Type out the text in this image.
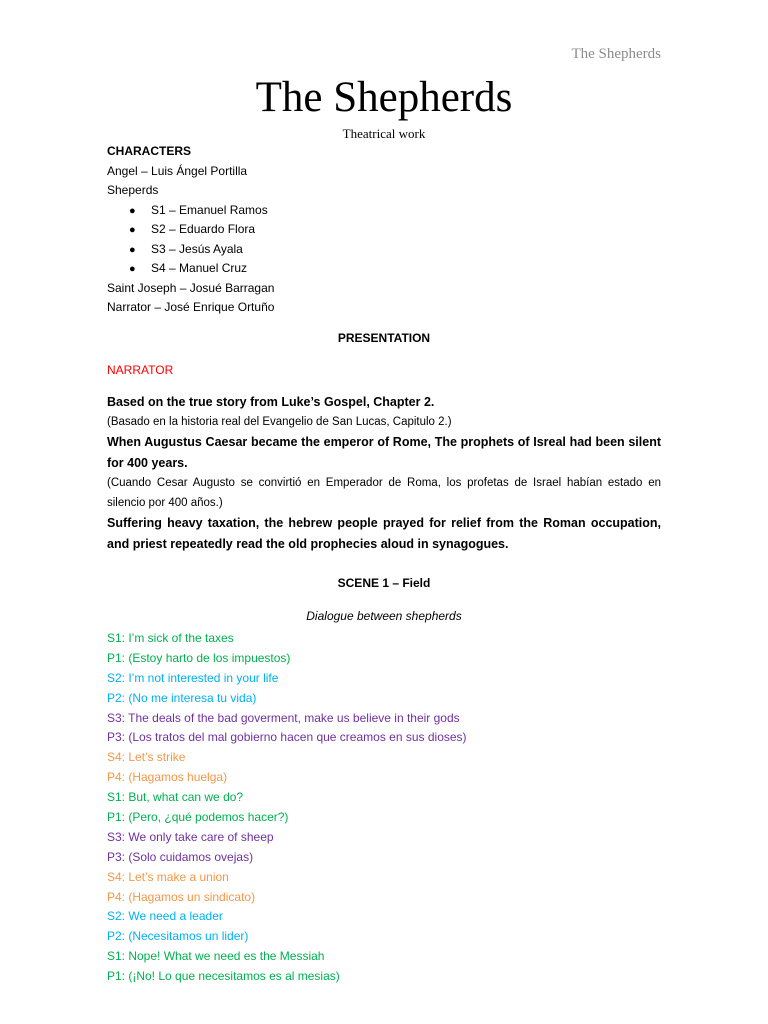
The Shepherds

The Shepherds

Theatrical work

CHARACTERS

Angel – Luis Ángel Portilla

Sheperds

● S1 – Emanuel Ramos

● S2 – Eduardo Flora

● S3 – Jesús Ayala

● S4 – Manuel Cruz

Saint Joseph – Josué Barragan

Narrator – José Enrique Ortuño

PRESENTATION

NARRATOR

Based on the true story from Luke’s Gospel, Chapter 2.

(Basado en la historia real del Evangelio de San Lucas, Capitulo 2.)

When Augustus Caesar became the emperor of Rome, The prophets of Isreal had been silent for 400 years.

(Cuando Cesar Augusto se convirtió en Emperador de Roma, los profetas de Israel habían estado en silencio por 400 años.)

Suffering heavy taxation, the hebrew people prayed for relief from the Roman occupation, and priest repeatedly read the old prophecies aloud in synagogues.

SCENE 1 – Field

Dialogue between shepherds

S1: I’m sick of the taxes

P1: (Estoy harto de los impuestos)

S2: I’m not interested in your life

P2: (No me interesa tu vida)

S3: The deals of the bad goverment, make us believe in their gods

P3: (Los tratos del mal gobierno hacen que creamos en sus dioses)

S4: Let’s strike

P4: (Hagamos huelga)

S1: But, what can we do?

P1: (Pero, ¿qué podemos hacer?)

S3: We only take care of sheep

P3: (Solo cuidamos ovejas)

S4: Let’s make a union

P4: (Hagamos un sindicato)

S2: We need a leader

P2: (Necesitamos un lider)

S1: Nope! What we need es the Messiah

P1: (¡No! Lo que necesitamos es al mesias)
